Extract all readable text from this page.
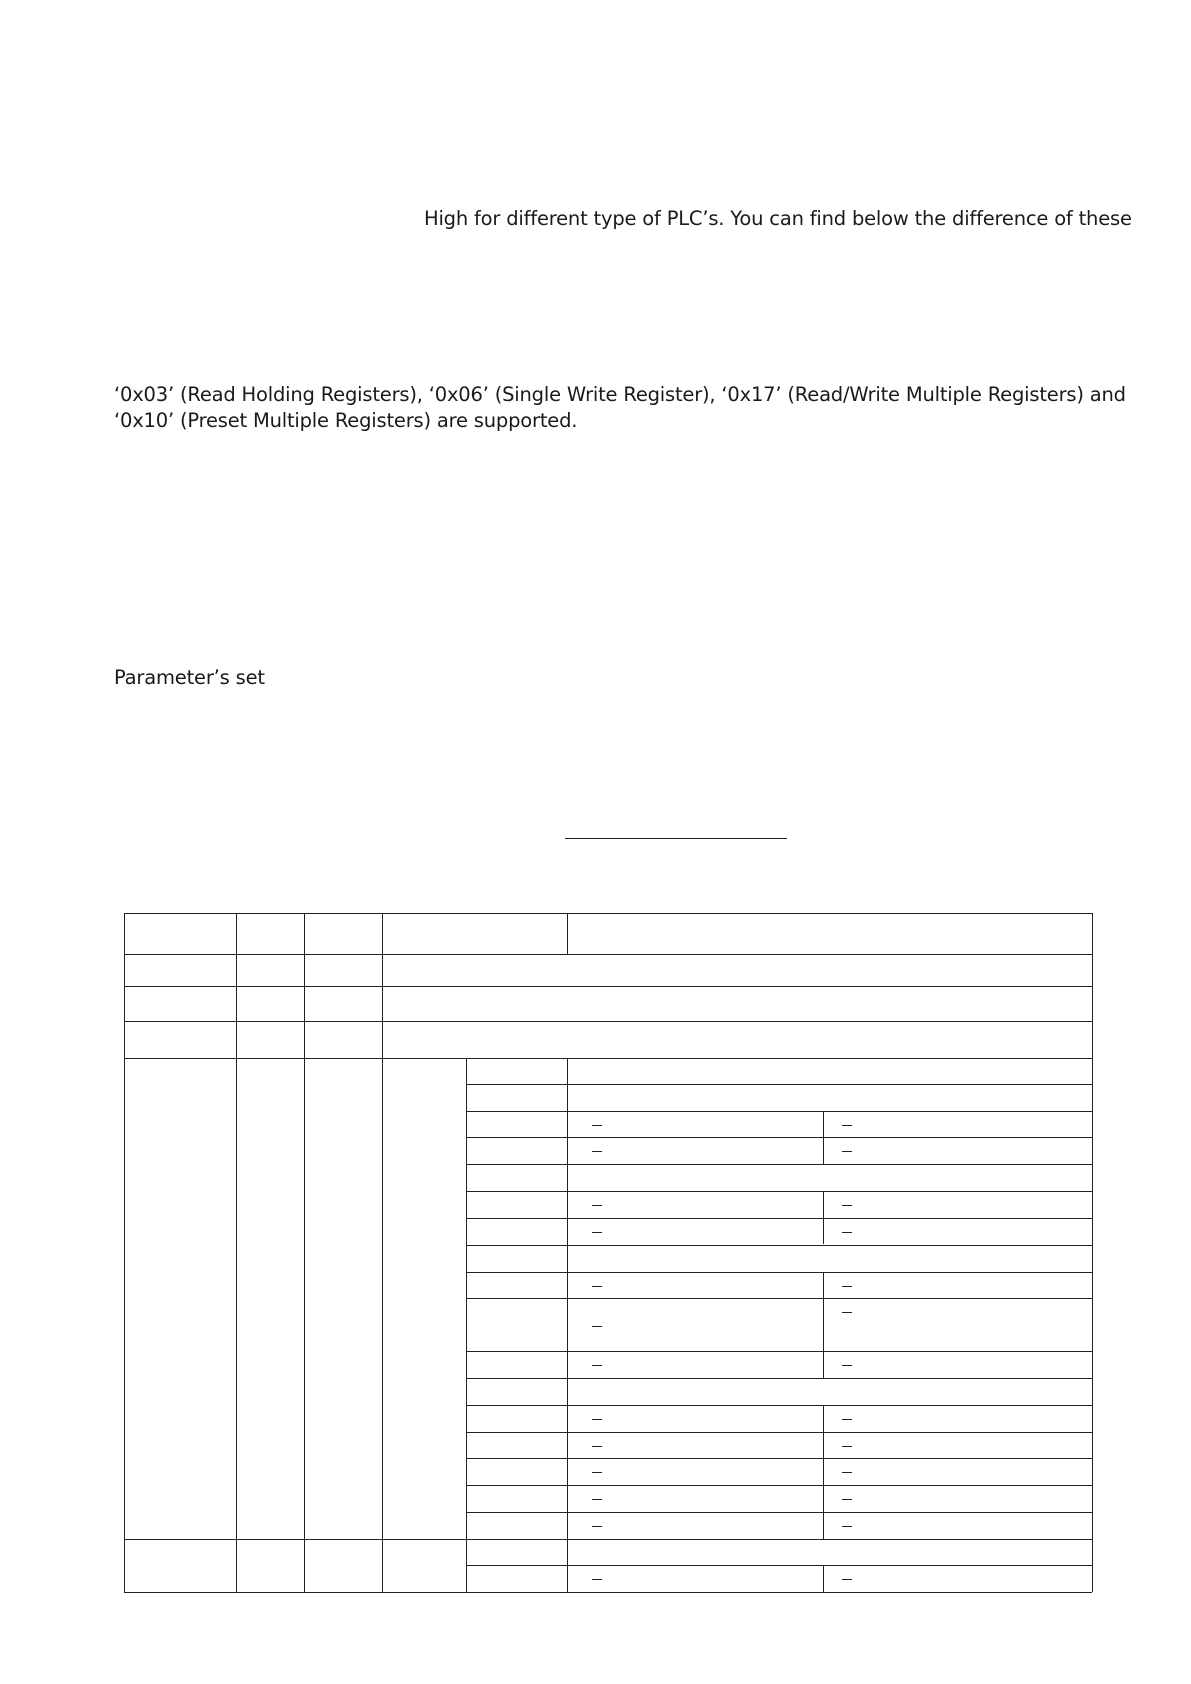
High for different type of PLC’s. You can find below the difference of these
‘0x03’ (Read Holding Registers), ‘0x06’ (Single Write Register), ‘0x17’ (Read/Write Multiple Registers) and
‘0x10’ (Preset Multiple Registers) are supported.
Parameter’s set
